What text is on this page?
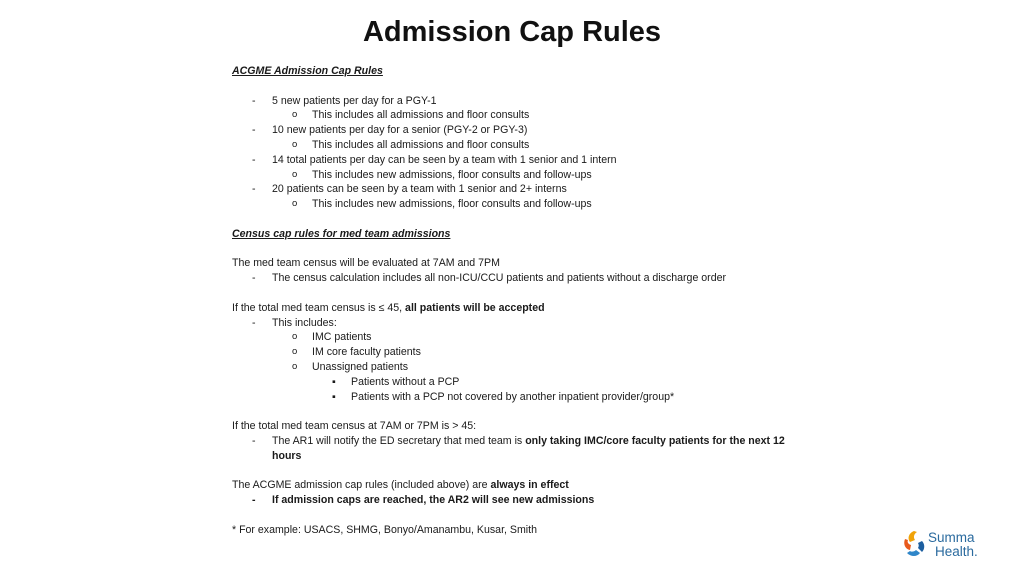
Admission Cap Rules
ACGME Admission Cap Rules
- 5 new patients per day for a PGY-1
o This includes all admissions and floor consults
- 10 new patients per day for a senior (PGY-2 or PGY-3)
o This includes all admissions and floor consults
- 14 total patients per day can be seen by a team with 1 senior and 1 intern
o This includes new admissions, floor consults and follow-ups
- 20 patients can be seen by a team with 1 senior and 2+ interns
o This includes new admissions, floor consults and follow-ups
Census cap rules for med team admissions
The med team census will be evaluated at 7AM and 7PM
- The census calculation includes all non-ICU/CCU patients and patients without a discharge order
If the total med team census is ≤ 45, all patients will be accepted
- This includes:
o IMC patients
o IM core faculty patients
o Unassigned patients
▪ Patients without a PCP
▪ Patients with a PCP not covered by another inpatient provider/group*
If the total med team census at 7AM or 7PM is > 45:
- The AR1 will notify the ED secretary that med team is only taking IMC/core faculty patients for the next 12 hours
The ACGME admission cap rules (included above) are always in effect
- If admission caps are reached, the AR2 will see new admissions
* For example: USACS, SHMG, Bonyo/Amanambu, Kusar, Smith
Summa
Health.
